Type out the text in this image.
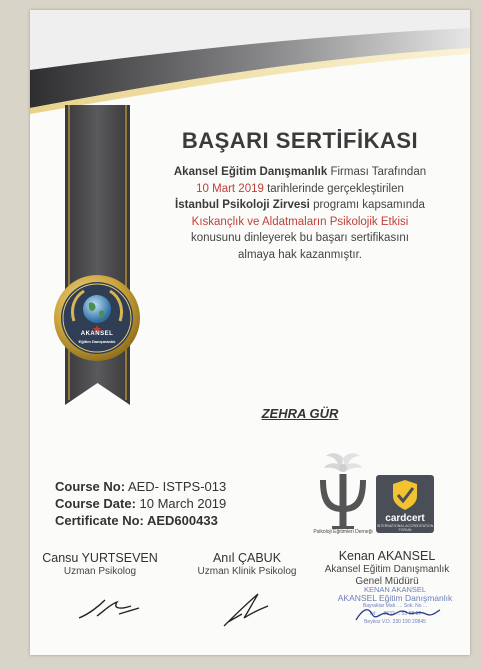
AKANSEL
Eğitim Danışmanlık
BAŞARI SERTİFİKASI
Akansel Eğitim Danışmanlık Firması Tarafından
10 Mart 2019 tarihlerinde gerçekleştirilen
İstanbul Psikoloji Zirvesi programı kapsamında
Kıskançlık ve Aldatmaların Psikolojik Etkisi
konusunu dinleyerek bu başarı sertifikasını
almaya hak kazanmıştır.
ZEHRA GÜR
Course No: AED- ISTPS-013
Course Date: 10 March 2019
Certificate No: AED600433
Psikoloji Eğitimleri Derneği
cardcert
INTERNATIONAL ACCREDITATION FORUM
Cansu YURTSEVEN
Uzman Psikolog
Anıl ÇABUK
Uzman Klinik Psikolog
Kenan AKANSEL
Akansel Eğitim Danışmanlık
Genel Müdürü
KENAN AKANSEL
AKANSEL Eğitim Danışmanlık
Bayraktar Mah. ... Sok. No ...
Tel: ... 0532 ... 53 68 27
Beykoz V.D. 330 190 20845
